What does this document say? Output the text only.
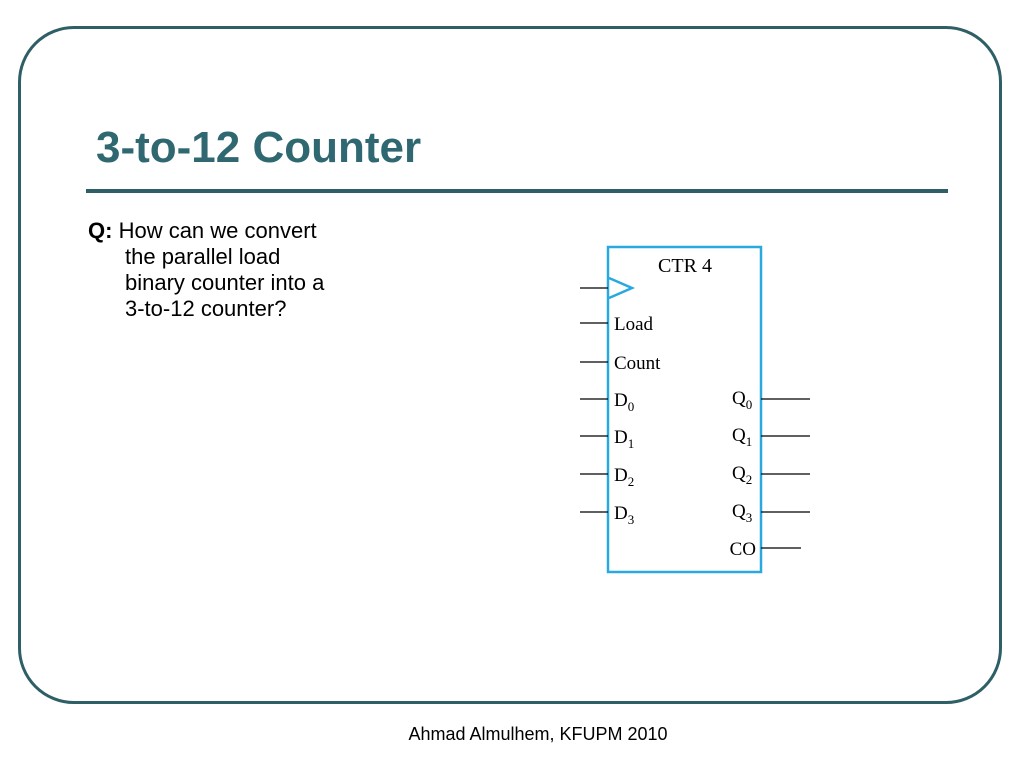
3-to-12 Counter
Q: How can we convert
the parallel load
binary counter into a
3-to-12 counter?
CTR 4
Load
Count
$D_0$
$D_1$
$D_2$
$D_3$
$Q_0$
$Q_1$
$Q_2$
$Q_3$
CO
Ahmad Almulhem, KFUPM 2010
